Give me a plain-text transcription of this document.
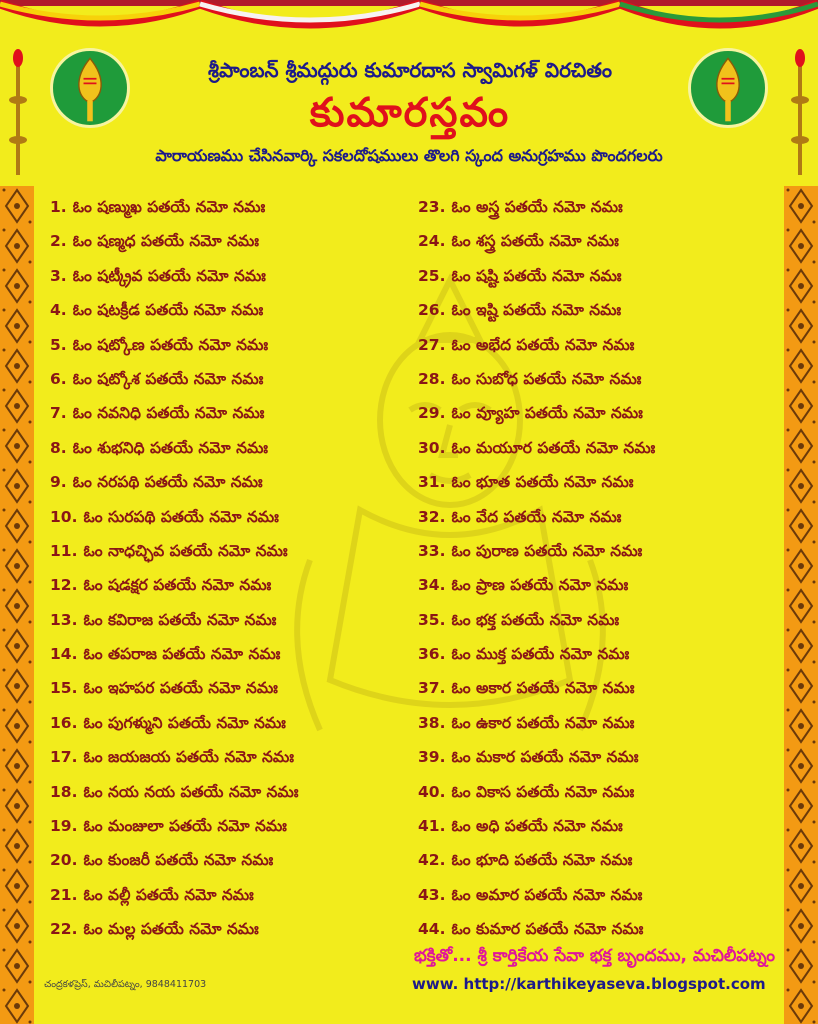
శ్రీపాంబన్ శ్రీమద్గురు కుమారదాస స్వామిగళ్ విరచితం
కుమారస్తవం
పారాయణము చేసినవార్కి సకలదోషములు తొలగి స్కంద అనుగ్రహము పొందగలరు
1. ఓం షణ్ముఖ పతయే నమో నమః
2. ఓం షణ్మధ పతయే నమో నమః
3. ఓం షట్క్రీవ పతయే నమో నమః
4. ఓం షటక్రీడ పతయే నమో నమః
5. ఓం షట్కోణ పతయే నమో నమః
6. ఓం షట్కోశ పతయే నమో నమః
7. ఓం నవనిధి పతయే నమో నమః
8. ఓం శుభనిధి పతయే నమో నమః
9. ఓం నరపథి పతయే నమో నమః
10. ఓం సురపథి పతయే నమో నమః
11. ఓం నాధచ్ఛివ పతయే నమో నమః
12. ఓం షడక్షర పతయే నమో నమః
13. ఓం కవిరాజ పతయే నమో నమః
14. ఓం తపరాజ పతయే నమో నమః
15. ఓం ఇహపర పతయే నమో నమః
16. ఓం పుగళ్ముని పతయే నమో నమః
17. ఓం జయజయ పతయే నమో నమః
18. ఓం నయ నయ పతయే నమో నమః
19. ఓం మంజులా పతయే నమో నమః
20. ఓం కుంజరీ పతయే నమో నమః
21. ఓం వల్లీ పతయే నమో నమః
22. ఓం మల్ల పతయే నమో నమః
23. ఓం అస్త్ర పతయే నమో నమః
24. ఓం శస్త్ర పతయే నమో నమః
25. ఓం షష్టి పతయే నమో నమః
26. ఓం ఇష్టి పతయే నమో నమః
27. ఓం అభేద పతయే నమో నమః
28. ఓం సుబోధ పతయే నమో నమః
29. ఓం వ్యూహ పతయే నమో నమః
30. ఓం మయూర పతయే నమో నమః
31. ఓం భూత పతయే నమో నమః
32. ఓం వేద పతయే నమో నమః
33. ఓం పురాణ పతయే నమో నమః
34. ఓం ప్రాణ పతయే నమో నమః
35. ఓం భక్త పతయే నమో నమః
36. ఓం ముక్త పతయే నమో నమః
37. ఓం అకార పతయే నమో నమః
38. ఓం ఉకార పతయే నమో నమః
39. ఓం మకార పతయే నమో నమః
40. ఓం వికాస పతయే నమో నమః
41. ఓం అధి పతయే నమో నమః
42. ఓం భూది పతయే నమో నమః
43. ఓం అమార పతయే నమో నమః
44. ఓం కుమార పతయే నమో నమః
భక్తితో... శ్రీ కార్తికేయ సేవా భక్త బృందము, మచిలీపట్నం
www. http://karthikeyaseva.blogspot.com
చంద్రకళప్రెస్, మచిలీపట్నం, 9848411703
